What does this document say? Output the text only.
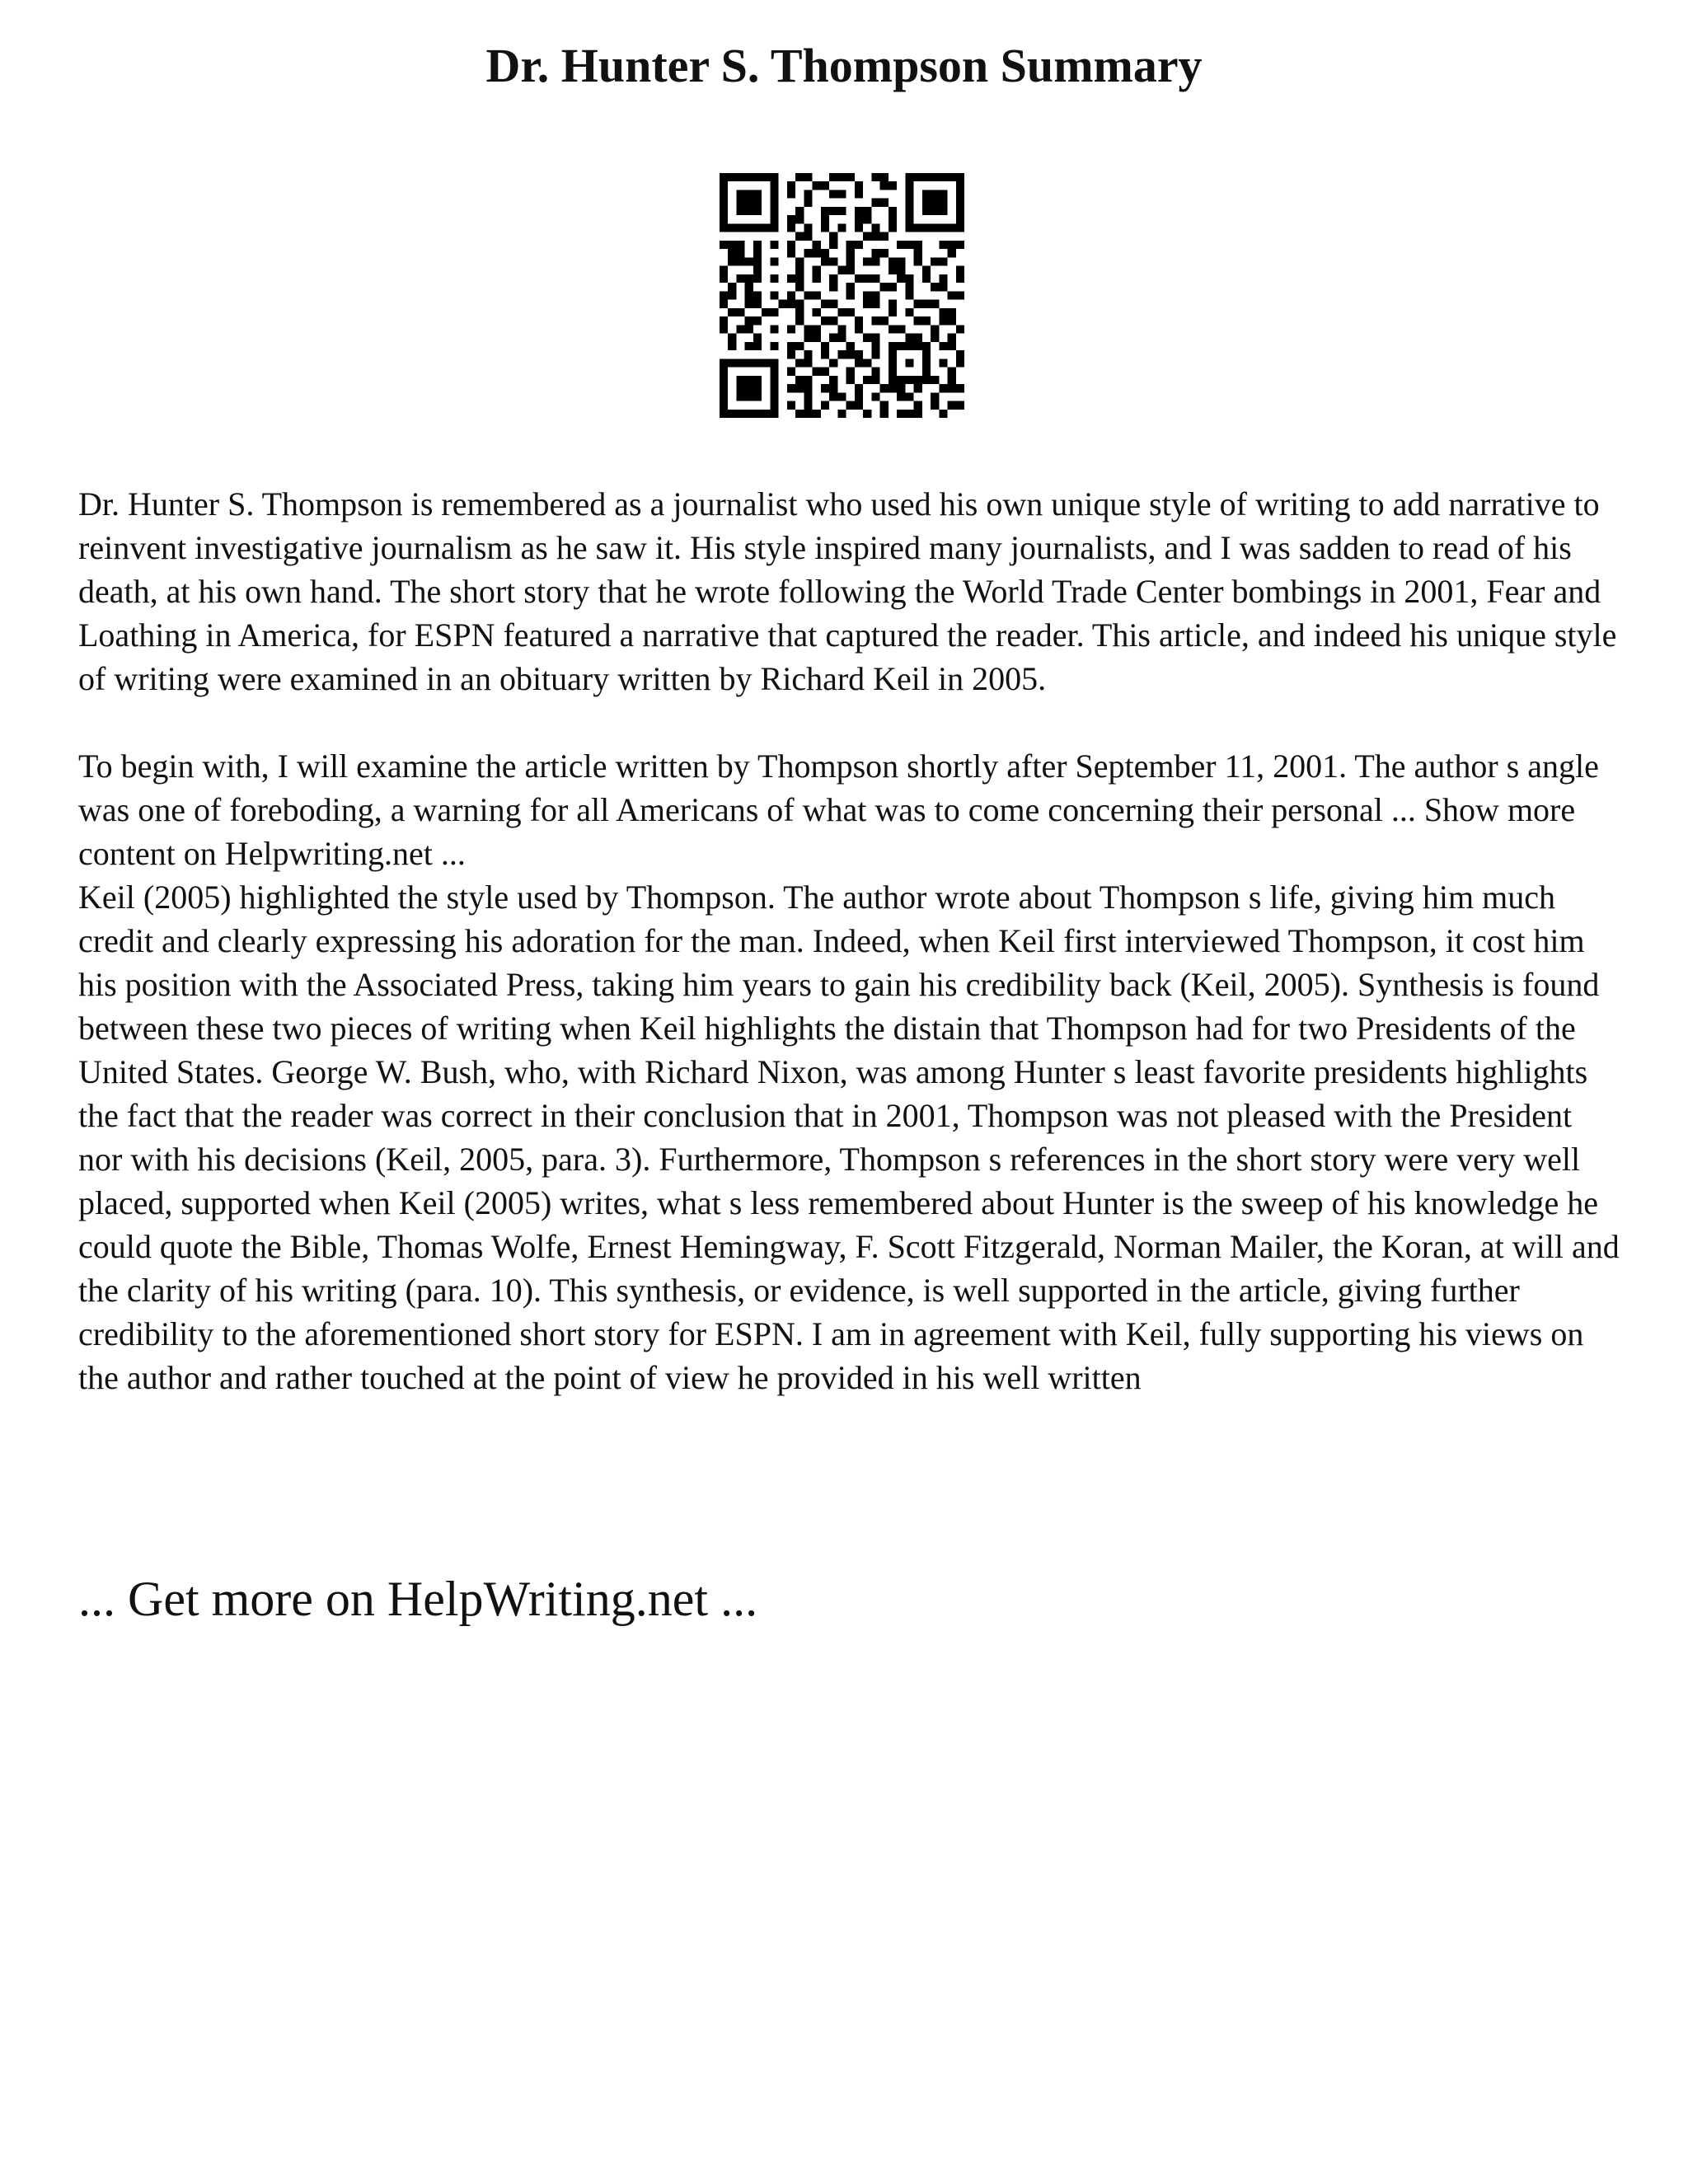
Dr. Hunter S. Thompson Summary

Dr. Hunter S. Thompson is remembered as a journalist who used his own unique style of writing to add narrative to reinvent investigative journalism as he saw it. His style inspired many journalists, and I was sadden to read of his death, at his own hand. The short story that he wrote following the World Trade Center bombings in 2001, Fear and Loathing in America, for ESPN featured a narrative that captured the reader. This article, and indeed his unique style of writing were examined in an obituary written by Richard Keil in 2005.

To begin with, I will examine the article written by Thompson shortly after September 11, 2001. The author s angle was one of foreboding, a warning for all Americans of what was to come concerning their personal ... Show more content on Helpwriting.net ...

Keil (2005) highlighted the style used by Thompson. The author wrote about Thompson s life, giving him much credit and clearly expressing his adoration for the man. Indeed, when Keil first interviewed Thompson, it cost him his position with the Associated Press, taking him years to gain his credibility back (Keil, 2005). Synthesis is found between these two pieces of writing when Keil highlights the distain that Thompson had for two Presidents of the United States. George W. Bush, who, with Richard Nixon, was among Hunter s least favorite presidents highlights the fact that the reader was correct in their conclusion that in 2001, Thompson was not pleased with the President nor with his decisions (Keil, 2005, para. 3). Furthermore, Thompson s references in the short story were very well placed, supported when Keil (2005) writes, what s less remembered about Hunter is the sweep of his knowledge he could quote the Bible, Thomas Wolfe, Ernest Hemingway, F. Scott Fitzgerald, Norman Mailer, the Koran, at will and the clarity of his writing (para. 10). This synthesis, or evidence, is well supported in the article, giving further credibility to the aforementioned short story for ESPN. I am in agreement with Keil, fully supporting his views on the author and rather touched at the point of view he provided in his well written

... Get more on HelpWriting.net ...
